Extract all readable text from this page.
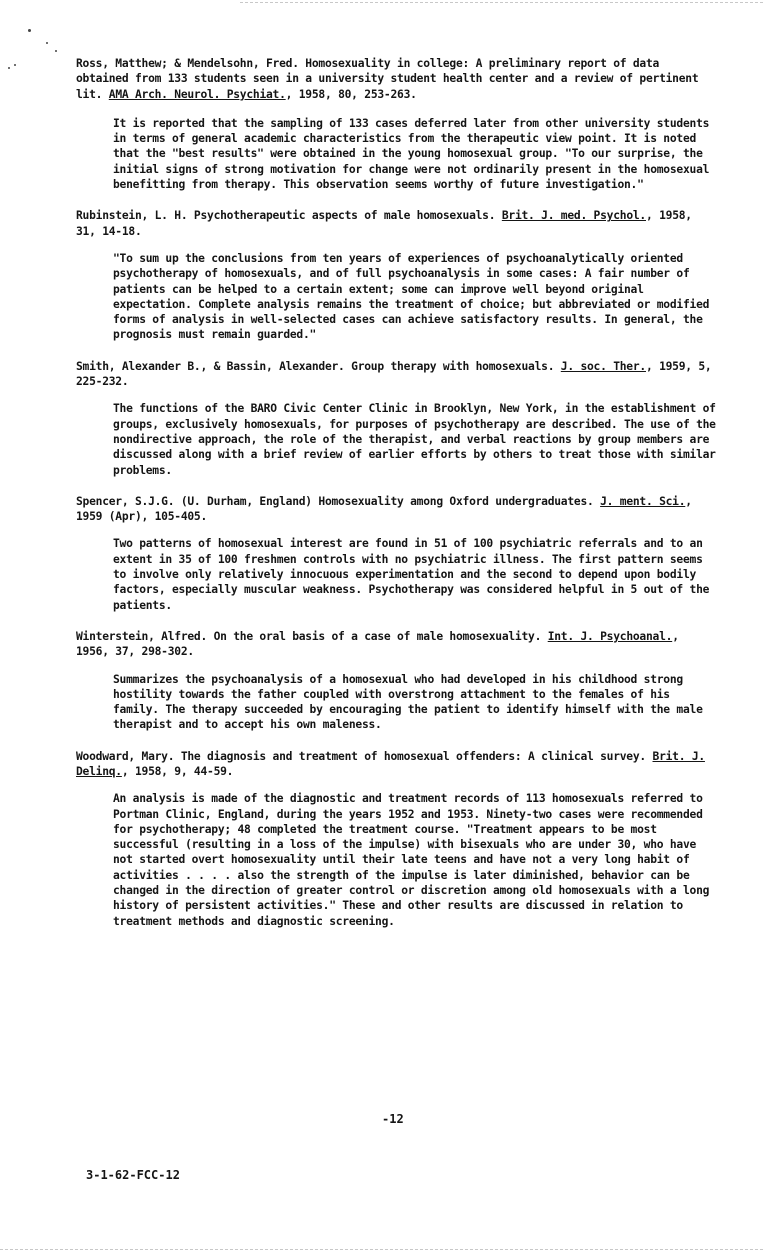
Ross, Matthew; & Mendelsohn, Fred. Homosexuality in college: A preliminary report of data obtained from 133 students seen in a university student health center and a review of pertinent lit. AMA Arch. Neurol. Psychiat., 1958, 80, 253-263.

It is reported that the sampling of 133 cases deferred later from other university students in terms of general academic characteristics from the therapeutic view point. It is noted that the "best results" were obtained in the young homosexual group. "To our surprise, the initial signs of strong motivation for change were not ordinarily present in the homosexual benefitting from therapy. This observation seems worthy of future investigation."

Rubinstein, L. H. Psychotherapeutic aspects of male homosexuals. Brit. J. med. Psychol., 1958, 31, 14-18.

"To sum up the conclusions from ten years of experiences of psychoanalytically oriented psychotherapy of homosexuals, and of full psychoanalysis in some cases: A fair number of patients can be helped to a certain extent; some can improve well beyond original expectation. Complete analysis remains the treatment of choice; but abbreviated or modified forms of analysis in well-selected cases can achieve satisfactory results. In general, the prognosis must remain guarded."

Smith, Alexander B., & Bassin, Alexander. Group therapy with homosexuals. J. soc. Ther., 1959, 5, 225-232.

The functions of the BARO Civic Center Clinic in Brooklyn, New York, in the establishment of groups, exclusively homosexuals, for purposes of psychotherapy are described. The use of the nondirective approach, the role of the therapist, and verbal reactions by group members are discussed along with a brief review of earlier efforts by others to treat those with similar problems.

Spencer, S.J.G. (U. Durham, England) Homosexuality among Oxford undergraduates. J. ment. Sci., 1959 (Apr), 105-405.

Two patterns of homosexual interest are found in 51 of 100 psychiatric referrals and to an extent in 35 of 100 freshmen controls with no psychiatric illness. The first pattern seems to involve only relatively innocuous experimentation and the second to depend upon bodily factors, especially muscular weakness. Psychotherapy was considered helpful in 5 out of the patients.

Winterstein, Alfred. On the oral basis of a case of male homosexuality. Int. J. Psychoanal., 1956, 37, 298-302.

Summarizes the psychoanalysis of a homosexual who had developed in his childhood strong hostility towards the father coupled with overstrong attachment to the females of his family. The therapy succeeded by encouraging the patient to identify himself with the male therapist and to accept his own maleness.

Woodward, Mary. The diagnosis and treatment of homosexual offenders: A clinical survey. Brit. J. Delinq., 1958, 9, 44-59.

An analysis is made of the diagnostic and treatment records of 113 homosexuals referred to Portman Clinic, England, during the years 1952 and 1953. Ninety-two cases were recommended for psychotherapy; 48 completed the treatment course. "Treatment appears to be most successful (resulting in a loss of the impulse) with bisexuals who are under 30, who have not started overt homosexuality until their late teens and have not a very long habit of activities . . . . also the strength of the impulse is later diminished, behavior can be changed in the direction of greater control or discretion among old homosexuals with a long history of persistent activities." These and other results are discussed in relation to treatment methods and diagnostic screening.

-12
3-1-62-FCC-12
